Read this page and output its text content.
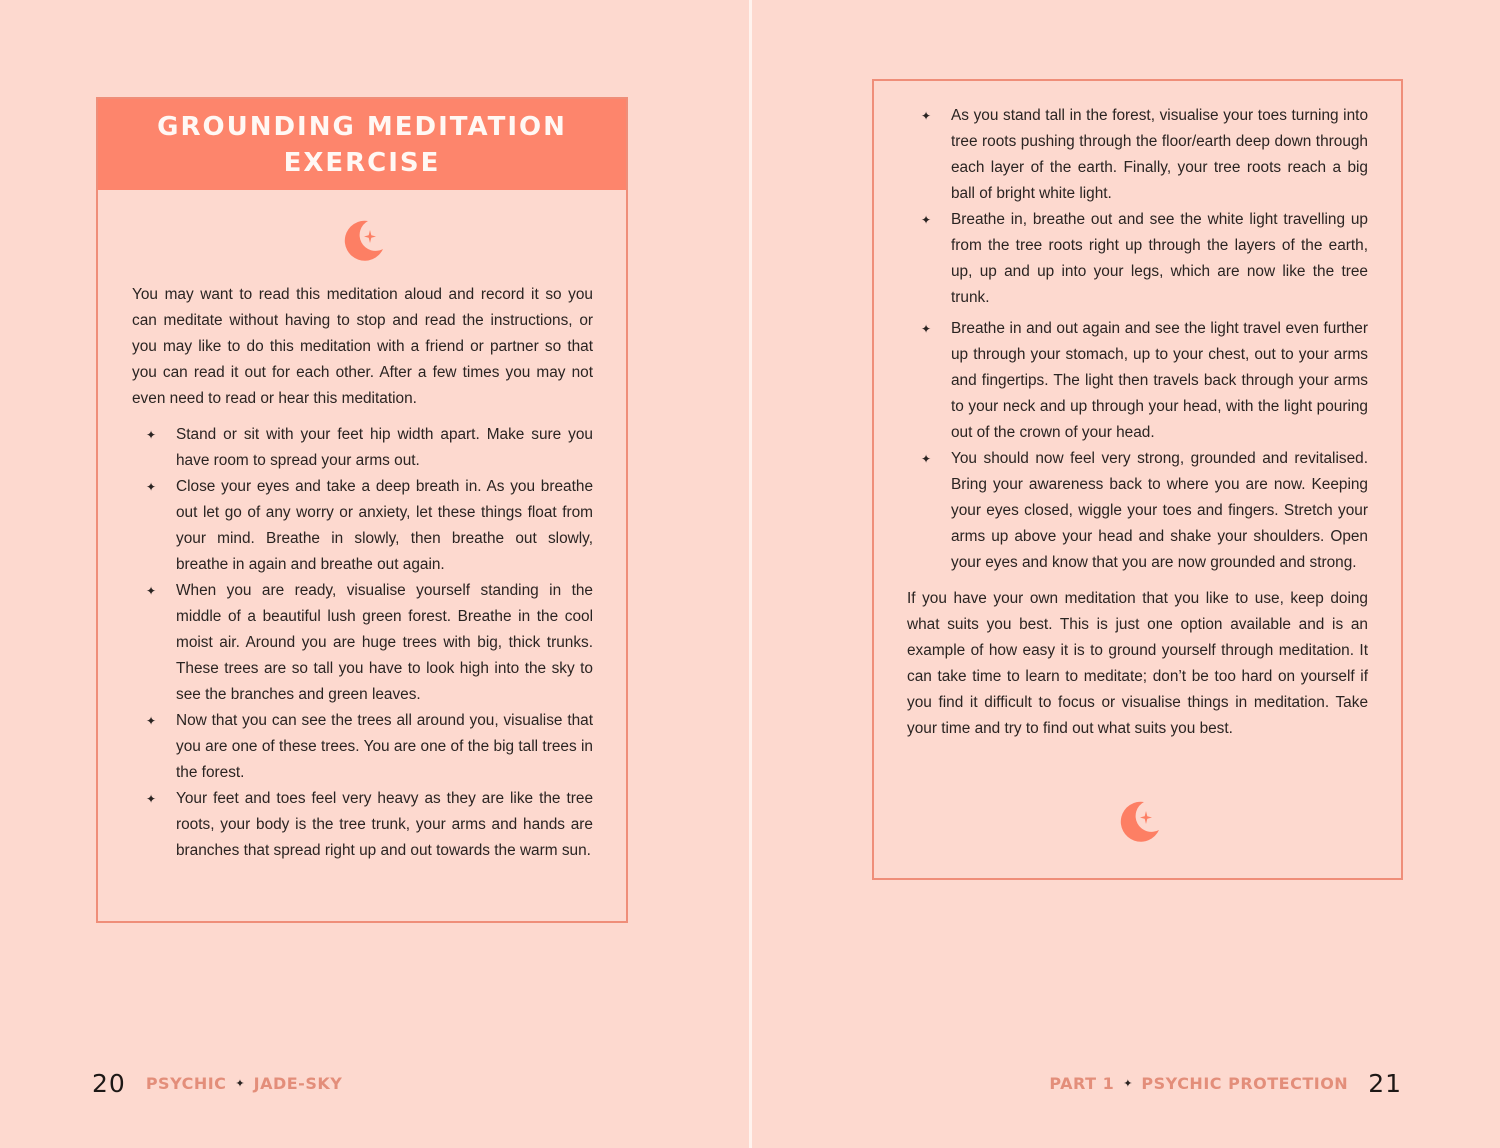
GROUNDING MEDITATION
EXERCISE

You may want to read this meditation aloud and record it so you can meditate without having to stop and read the instructions, or you may like to do this meditation with a friend or partner so that you can read it out for each other. After a few times you may not even need to read or hear this meditation.

✦ Stand or sit with your feet hip width apart. Make sure you have room to spread your arms out.
✦ Close your eyes and take a deep breath in. As you breathe out let go of any worry or anxiety, let these things float from your mind. Breathe in slowly, then breathe out slowly, breathe in again and breathe out again.
✦ When you are ready, visualise yourself standing in the middle of a beautiful lush green forest. Breathe in the cool moist air. Around you are huge trees with big, thick trunks. These trees are so tall you have to look high into the sky to see the branches and green leaves.
✦ Now that you can see the trees all around you, visualise that you are one of these trees. You are one of the big tall trees in the forest.
✦ Your feet and toes feel very heavy as they are like the tree roots, your body is the tree trunk, your arms and hands are branches that spread right up and out towards the warm sun.
20 PSYCHIC ✦ JADE-SKY
✦ As you stand tall in the forest, visualise your toes turning into tree roots pushing through the floor/earth deep down through each layer of the earth. Finally, your tree roots reach a big ball of bright white light.
✦ Breathe in, breathe out and see the white light travelling up from the tree roots right up through the layers of the earth, up, up and up into your legs, which are now like the tree trunk.
✦ Breathe in and out again and see the light travel even further up through your stomach, up to your chest, out to your arms and fingertips. The light then travels back through your arms to your neck and up through your head, with the light pouring out of the crown of your head.
✦ You should now feel very strong, grounded and revitalised. Bring your awareness back to where you are now. Keeping your eyes closed, wiggle your toes and fingers. Stretch your arms up above your head and shake your shoulders. Open your eyes and know that you are now grounded and strong.

If you have your own meditation that you like to use, keep doing what suits you best. This is just one option available and is an example of how easy it is to ground yourself through meditation. It can take time to learn to meditate; don’t be too hard on yourself if you find it difficult to focus or visualise things in meditation. Take your time and try to find out what suits you best.

PART 1 ✦ PSYCHIC PROTECTION 21
